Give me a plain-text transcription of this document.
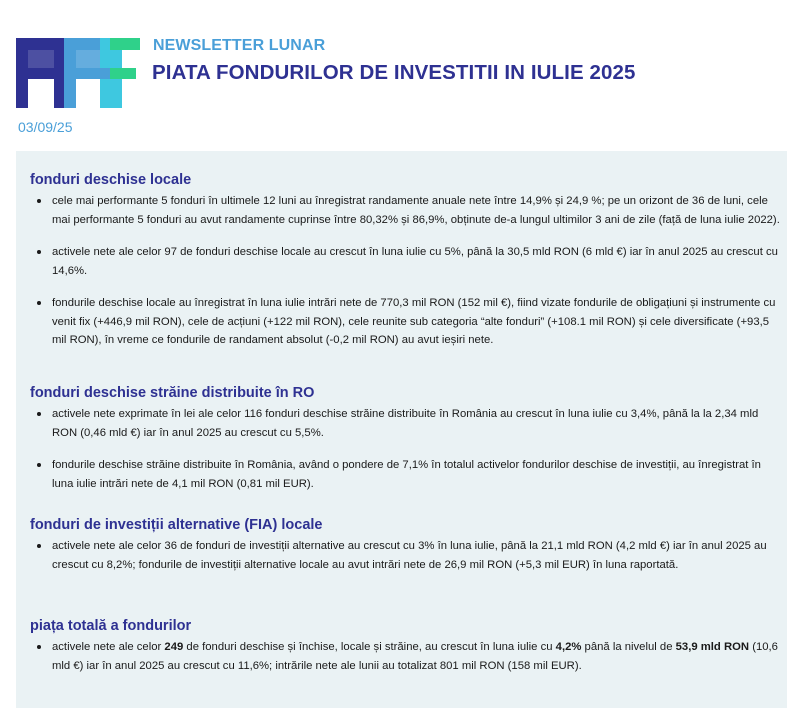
NEWSLETTER LUNAR
PIATA FONDURILOR DE INVESTITII IN IULIE 2025
03/09/25
fonduri deschise locale
cele mai performante 5 fonduri în ultimele 12 luni au înregistrat randamente anuale nete între 14,9% și 24,9 %; pe un orizont de 36 de luni, cele mai performante 5 fonduri au avut randamente cuprinse între 80,32% și 86,9%, obținute de-a lungul ultimilor 3 ani de zile (față de luna iulie 2022).
activele nete ale celor 97 de fonduri deschise locale au crescut în luna iulie cu 5%, până la 30,5 mld RON (6 mld €) iar în anul 2025 au crescut cu 14,6%.
fondurile deschise locale au înregistrat în luna iulie intrări nete de 770,3 mil RON (152 mil €), fiind vizate fondurile de obligațiuni și instrumente cu venit fix (+446,9 mil RON), cele de acțiuni (+122 mil RON), cele reunite sub categoria “alte fonduri” (+108.1 mil RON) și cele diversificate (+93,5 mil RON), în vreme ce fondurile de randament absolut (-0,2 mil RON) au avut ieșiri nete.
fonduri deschise străine distribuite în RO
activele nete exprimate în lei ale celor 116 fonduri deschise străine distribuite în România au crescut în luna iulie cu 3,4%, până la la 2,34 mld RON (0,46 mld €) iar în anul 2025 au crescut cu 5,5%.
fondurile deschise străine distribuite în România, având o pondere de 7,1% în totalul activelor fondurilor deschise de investiții, au înregistrat în luna iulie intrări nete de 4,1 mil RON (0,81 mil EUR).
fonduri de investiții alternative (FIA) locale
activele nete ale celor 36 de fonduri de investiții alternative au crescut cu 3% în luna iulie, până la 21,1 mld RON (4,2 mld €) iar în anul 2025 au crescut cu 8,2%; fondurile de investiții alternative locale au avut intrări nete de 26,9 mil RON (+5,3 mil EUR) în luna raportată.
piața totală a fondurilor
activele nete ale celor 249 de fonduri deschise și închise, locale și străine, au crescut în luna iulie cu 4,2% până la nivelul de 53,9 mld RON (10,6 mld €) iar în anul 2025 au crescut cu 11,6%; intrările nete ale lunii au totalizat 801 mil RON (158 mil EUR).
